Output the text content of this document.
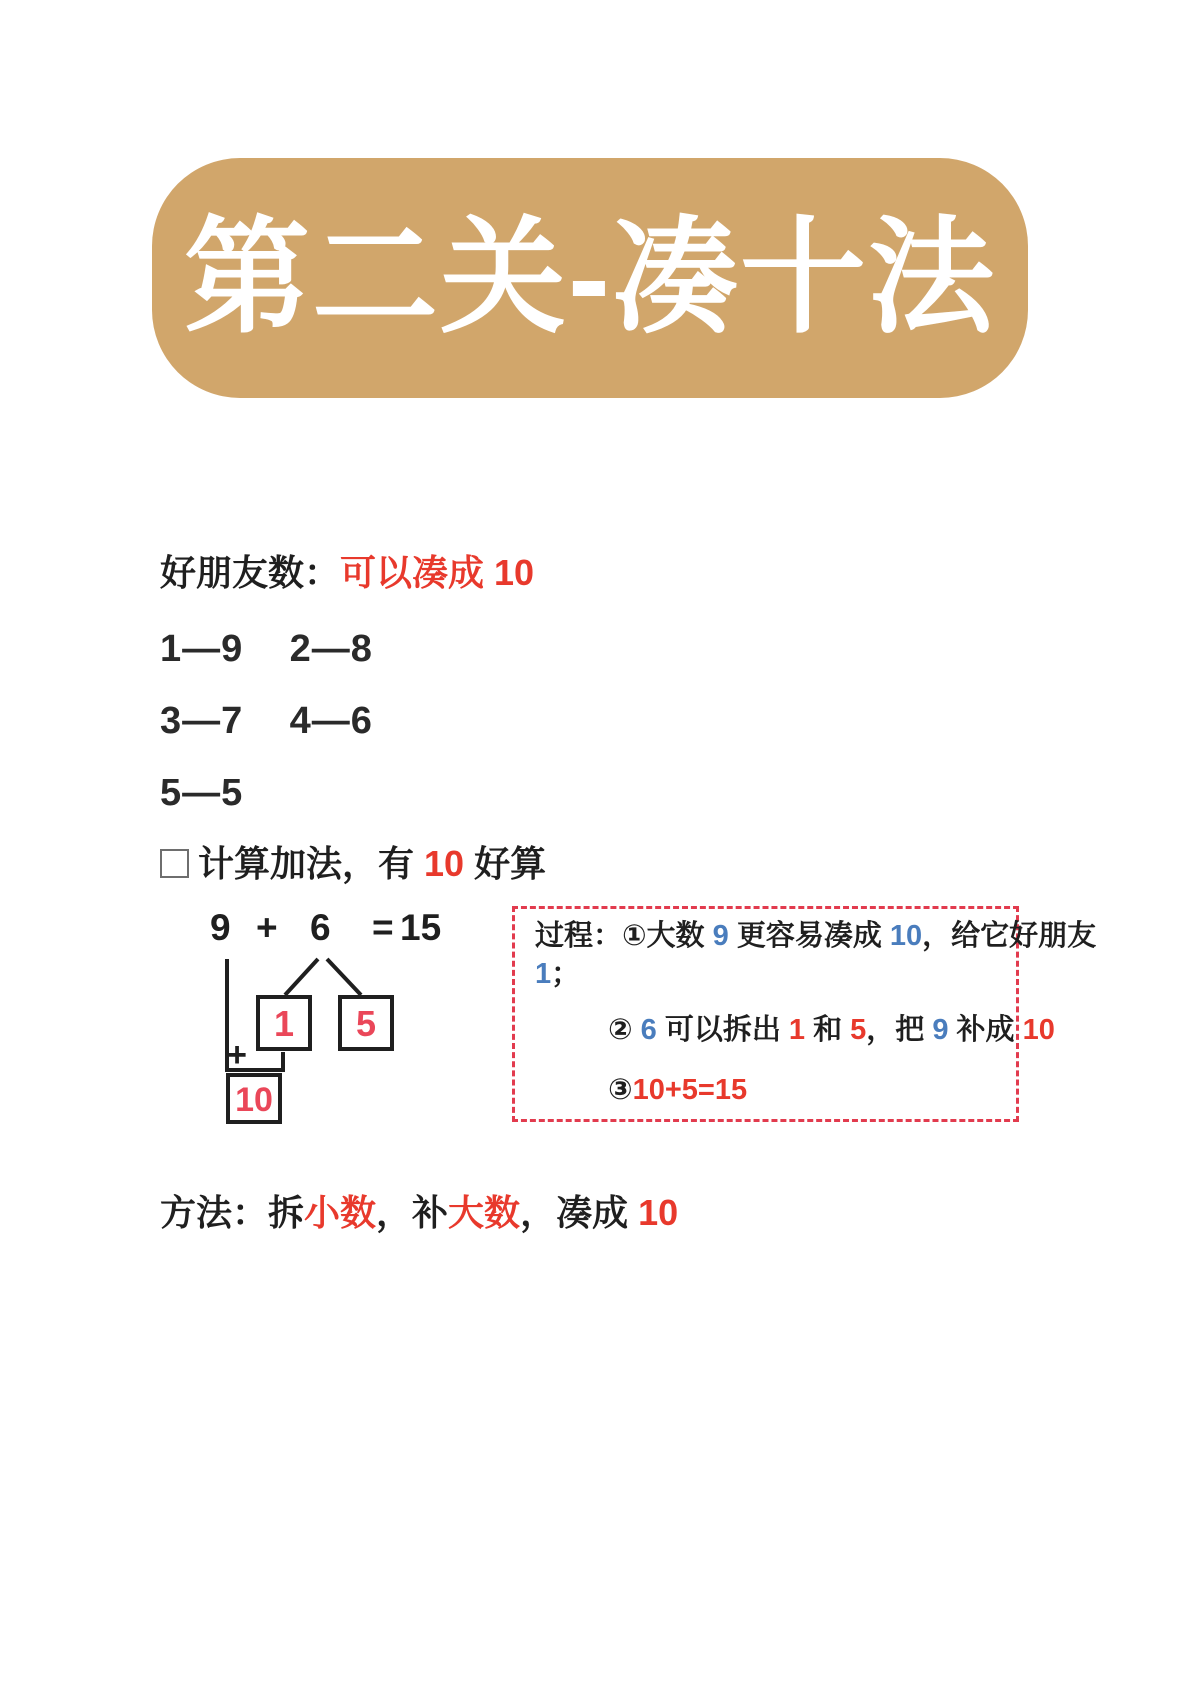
第二关-凑十法
好朋友数：可以凑成 10
1—9 2—8
3—7 4—6
5—5
计算加法，有 10 好算
9 + 6 = 15
1 5
+
10

过程：①大数 9 更容易凑成 10，给它好朋友

1；

② 6 可以拆出 1 和 5，把 9 补成 10

③10+5=15

方法：拆小数，补大数，凑成 10
